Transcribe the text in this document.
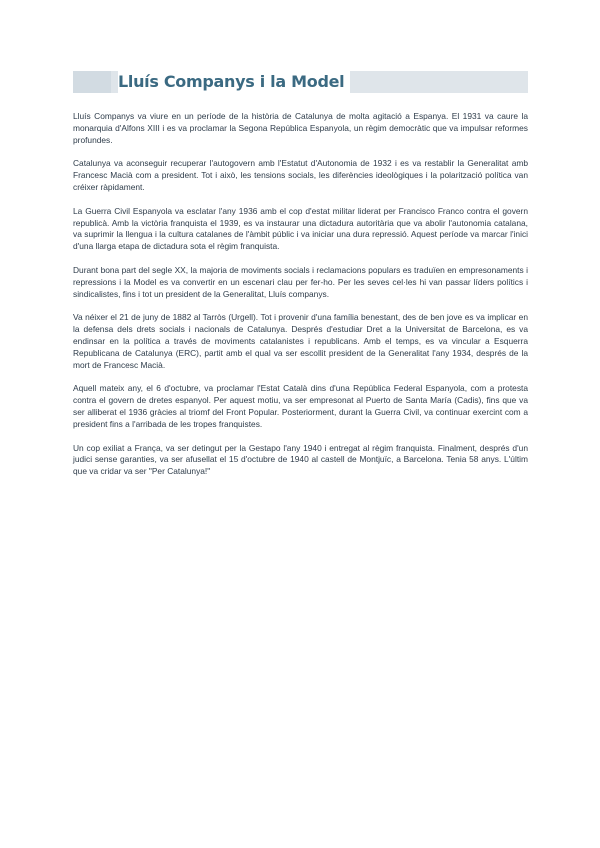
Lluís Companys i la Model

Lluís Companys va viure en un període de la història de Catalunya de molta agitació a Espanya. El 1931 va caure la monarquia d'Alfons XIII i es va proclamar la Segona República Espanyola, un règim democràtic que va impulsar reformes profundes.

Catalunya va aconseguir recuperar l'autogovern amb l'Estatut d'Autonomia de 1932 i es va restablir la Generalitat amb Francesc Macià com a president. Tot i això, les tensions socials, les diferències ideològiques i la polarització política van créixer ràpidament.

La Guerra Civil Espanyola va esclatar l'any 1936 amb el cop d'estat militar liderat per Francisco Franco contra el govern republicà. Amb la victòria franquista el 1939, es va instaurar una dictadura autoritària que va abolir l'autonomia catalana, va suprimir la llengua i la cultura catalanes de l'àmbit públic i va iniciar una dura repressió. Aquest període va marcar l'inici d'una llarga etapa de dictadura sota el règim franquista.

Durant bona part del segle XX, la majoria de moviments socials i reclamacions populars es traduïen en empresonaments i repressions i la Model es va convertir en un escenari clau per fer-ho. Per les seves cel·les hi van passar líders polítics i sindicalistes, fins i tot un president de la Generalitat, Lluís companys.

Va néixer el 21 de juny de 1882 al Tarròs (Urgell). Tot i provenir d'una família benestant, des de ben jove es va implicar en la defensa dels drets socials i nacionals de Catalunya. Després d'estudiar Dret a la Universitat de Barcelona, es va endinsar en la política a través de moviments catalanistes i republicans. Amb el temps, es va vincular a Esquerra Republicana de Catalunya (ERC), partit amb el qual va ser escollit president de la Generalitat l'any 1934, després de la mort de Francesc Macià.

Aquell mateix any, el 6 d'octubre, va proclamar l'Estat Català dins d'una República Federal Espanyola, com a protesta contra el govern de dretes espanyol. Per aquest motiu, va ser empresonat al Puerto de Santa María (Cadis), fins que va ser alliberat el 1936 gràcies al triomf del Front Popular. Posteriorment, durant la Guerra Civil, va continuar exercint com a president fins a l'arribada de les tropes franquistes.

Un cop exiliat a França, va ser detingut per la Gestapo l'any 1940 i entregat al règim franquista. Finalment, després d'un judici sense garanties, va ser afusellat el 15 d'octubre de 1940 al castell de Montjuïc, a Barcelona. Tenia 58 anys. L'últim que va cridar va ser "Per Catalunya!"
